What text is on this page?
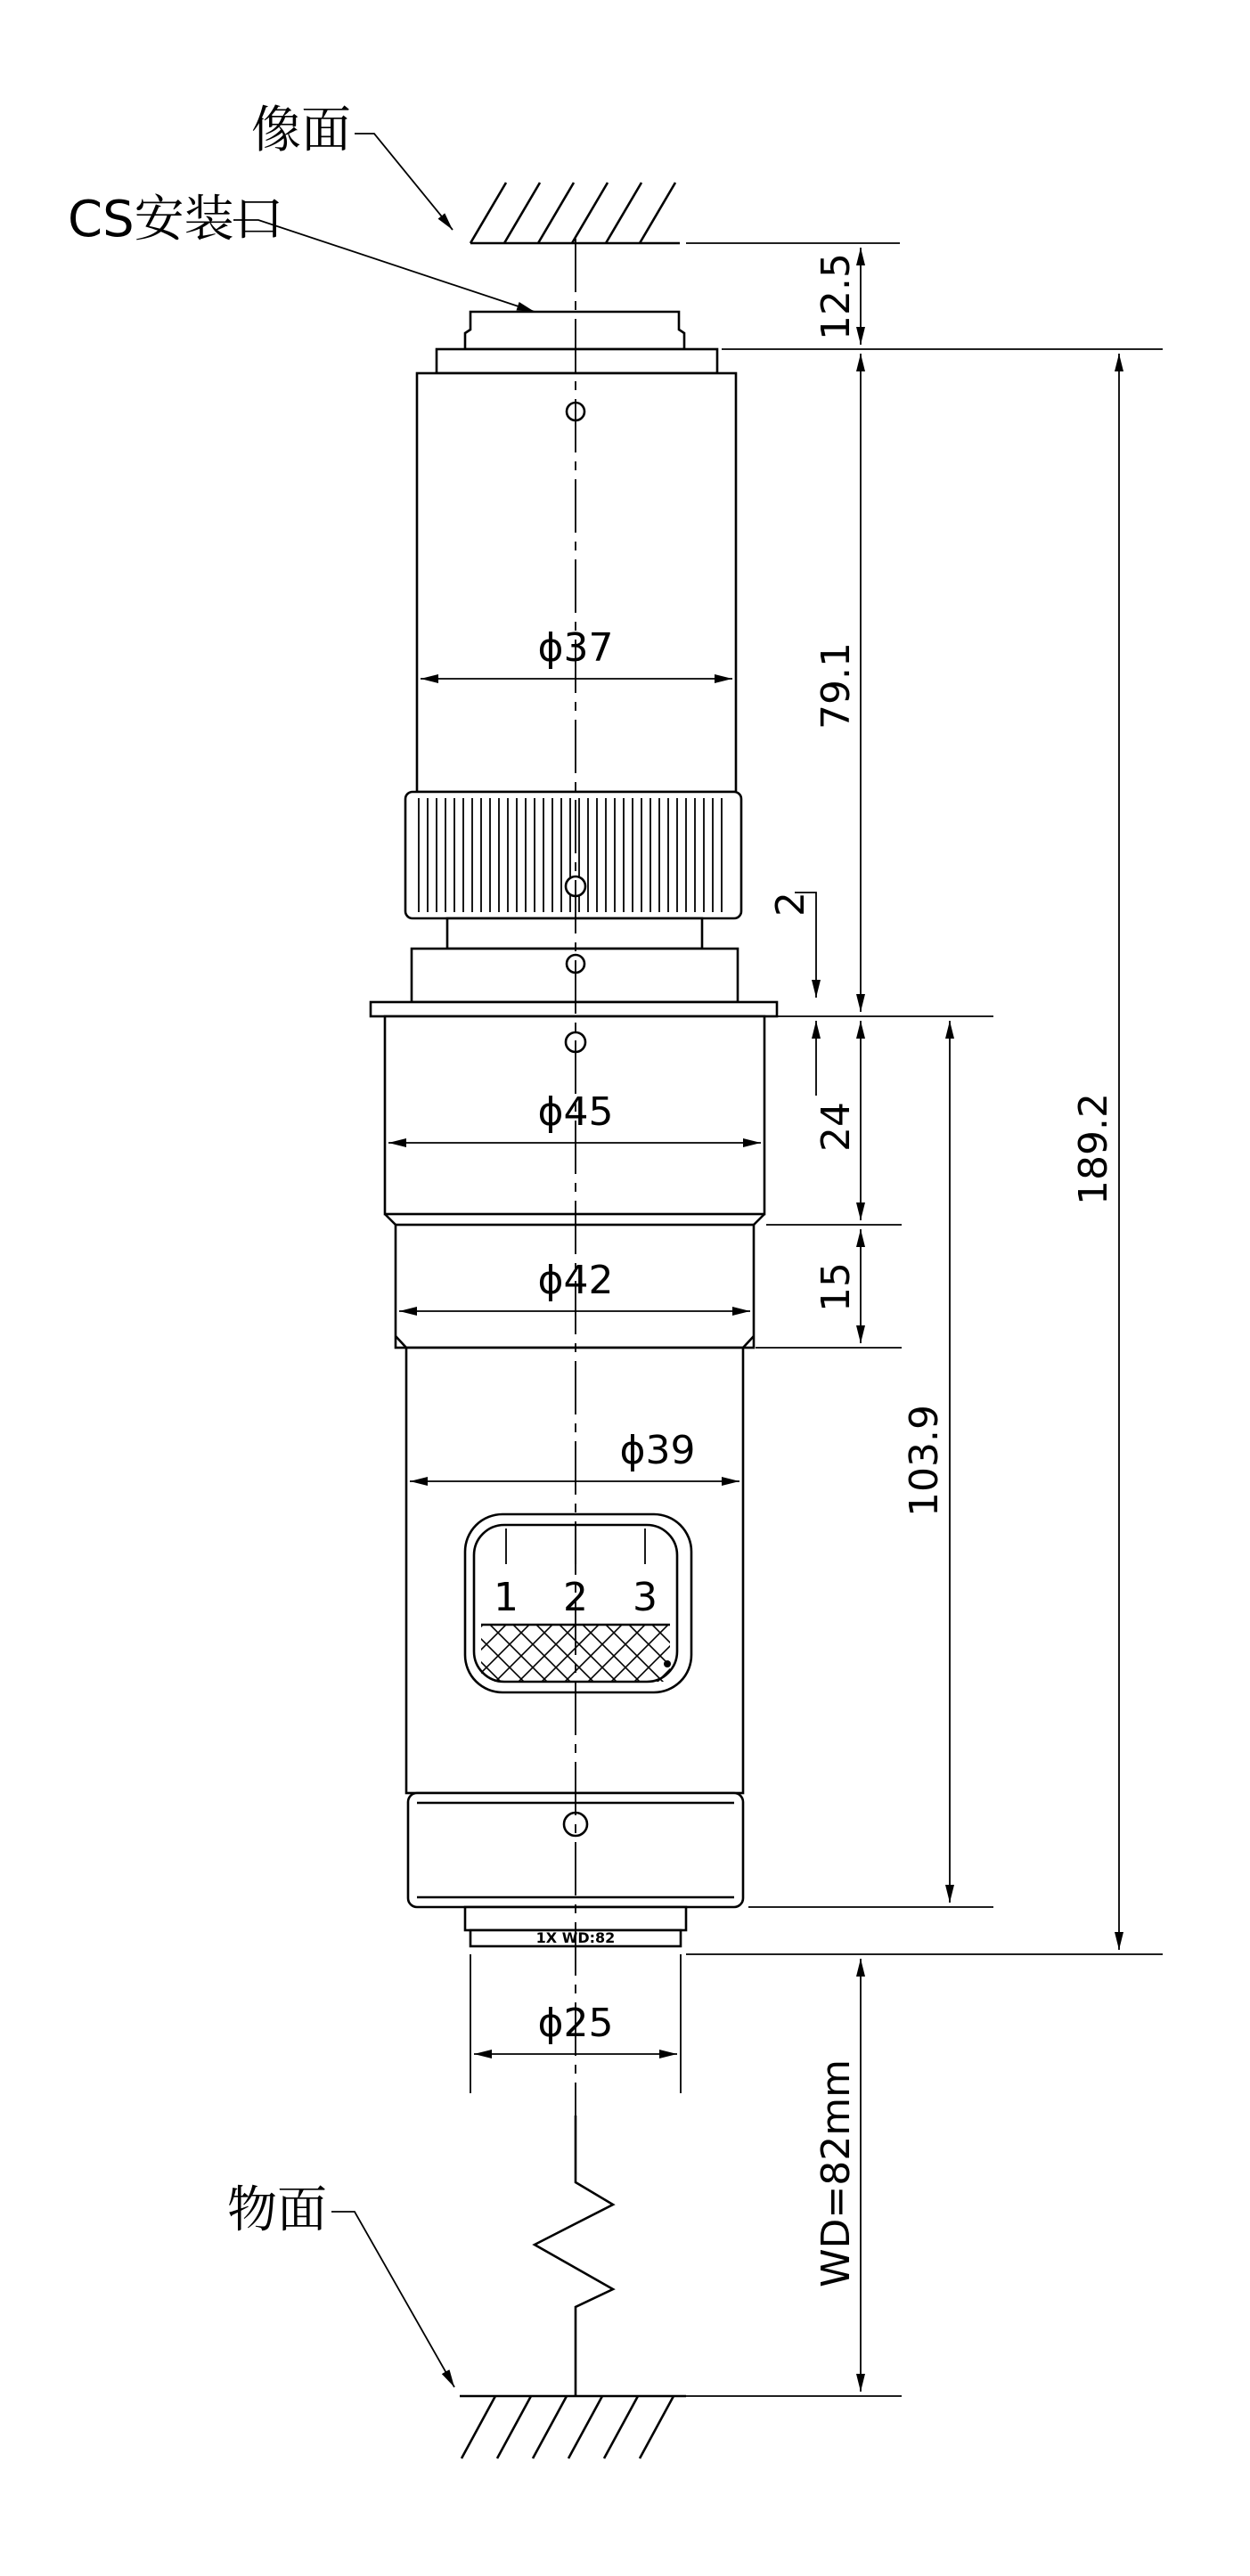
1 2 3
1X WD:82
像面
CS安装口
物面
12.5
79.1
2
24
15
103.9
189.2
WD=82mm
ϕ37
ϕ45
ϕ42
ϕ39
ϕ25
